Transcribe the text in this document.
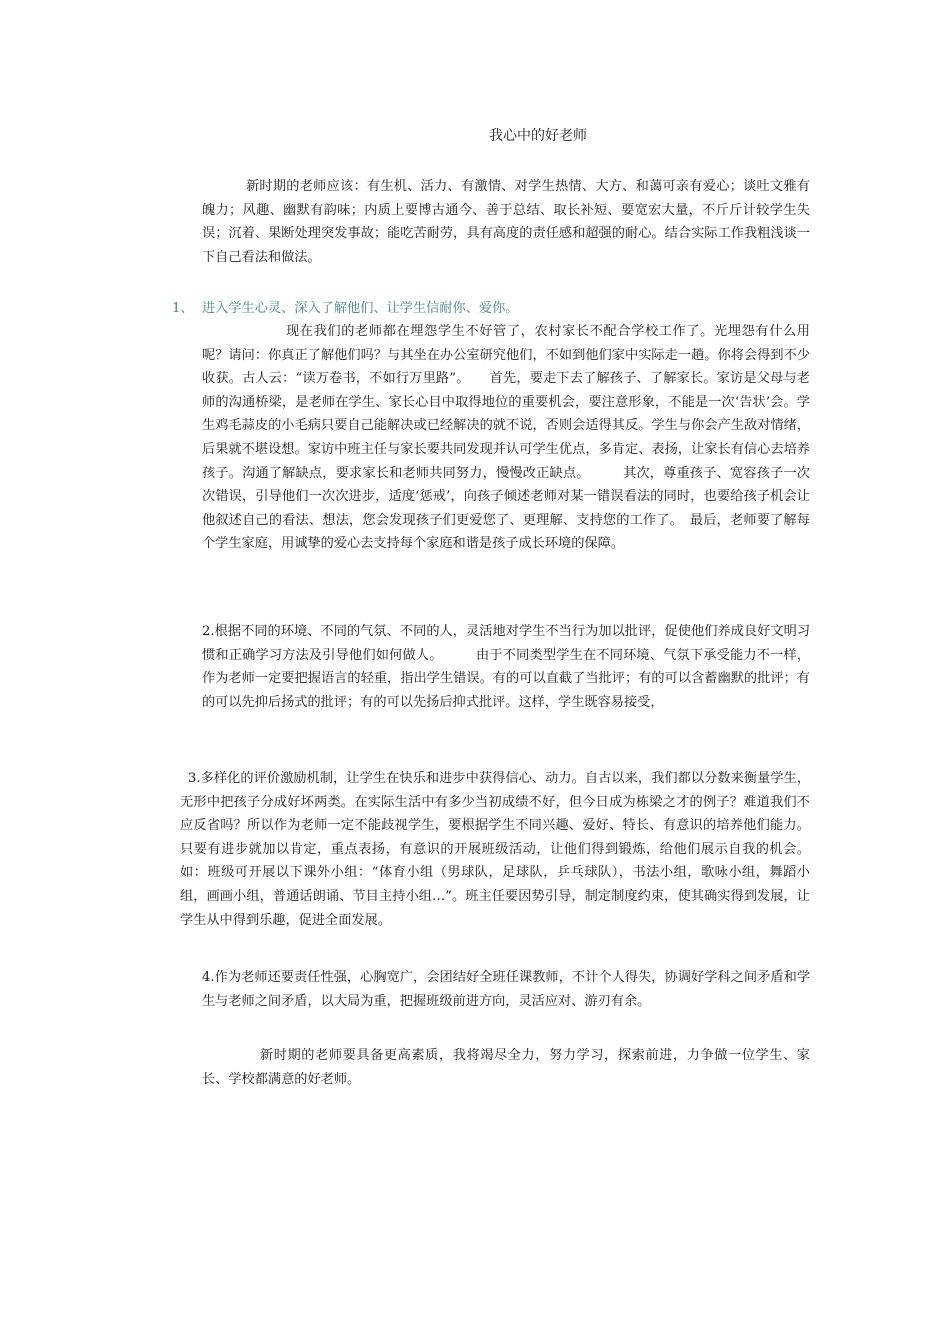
我心中的好老师
新时期的老师应该：有生机、活力、有激情、对学生热情、大方、和蔼可亲有爱心；谈吐文雅有魄力；风趣、幽默有韵味；内质上要博古通今、善于总结、取长补短、要宽宏大量，不斤斤计较学生失误；沉着、果断处理突发事故；能吃苦耐劳，具有高度的责任感和超强的耐心。结合实际工作我粗浅谈一下自己看法和做法。
1、 进入学生心灵、深入了解他们、让学生信耐你、爱你。
现在我们的老师都在埋怨学生不好管了，农村家长不配合学校工作了。光埋怨有什么用呢？请问：你真正了解他们吗？与其坐在办公室研究他们，不如到他们家中实际走一趟。你将会得到不少收获。古人云：“读万卷书，不如行万里路”。　　首先，要走下去了解孩子、了解家长。家访是父母与老师的沟通桥梁，是老师在学生、家长心目中取得地位的重要机会，要注意形象，不能是一次‘告状’会。学生鸡毛蒜皮的小毛病只要自己能解决或已经解决的就不说，否则会适得其反。学生与你会产生敌对情绪，后果就不堪设想。家访中班主任与家长要共同发现并认可学生优点，多肯定、表扬，让家长有信心去培养孩子。沟通了解缺点，要求家长和老师共同努力，慢慢改正缺点。　　　其次，尊重孩子、宽容孩子一次次错误，引导他们一次次进步，适度‘惩戒’，向孩子倾述老师对某一错误看法的同时，也要给孩子机会让他叙述自己的看法、想法，您会发现孩子们更爱您了、更理解、支持您的工作了。　最后，老师要了解每个学生家庭，用诚挚的爱心去支持每个家庭和谐是孩子成长环境的保障。
2.根据不同的环境、不同的气氛、不同的人，灵活地对学生不当行为加以批评，促使他们养成良好文明习惯和正确学习方法及引导他们如何做人。　　　由于不同类型学生在不同环境、气氛下承受能力不一样，作为老师一定要把握语言的轻重，指出学生错误。有的可以直截了当批评；有的可以含蓄幽默的批评；有的可以先抑后扬式的批评；有的可以先扬后抑式批评。这样，学生既容易接受，
3.多样化的评价激励机制，让学生在快乐和进步中获得信心、动力。自古以来，我们都以分数来衡量学生，无形中把孩子分成好坏两类。在实际生活中有多少当初成绩不好，但今日成为栋梁之才的例子？难道我们不应反省吗？所以作为老师一定不能歧视学生，要根据学生不同兴趣、爱好、特长、有意识的培养他们能力。只要有进步就加以肯定，重点表扬，有意识的开展班级活动，让他们得到锻炼，给他们展示自我的机会。如：班级可开展以下课外小组：“体育小组（男球队，足球队，乒乓球队），书法小组，歌咏小组，舞蹈小组，画画小组，普通话朗诵、节目主持小组…”。班主任要因势引导，制定制度约束，使其确实得到发展，让学生从中得到乐趣，促进全面发展。
4.作为老师还要责任性强，心胸宽广，会团结好全班任课教师，不计个人得失，协调好学科之间矛盾和学生与老师之间矛盾，以大局为重，把握班级前进方向，灵活应对、游刃有余。
新时期的老师要具备更高素质，我将竭尽全力，努力学习，探索前进，力争做一位学生、家长、学校都满意的好老师。
